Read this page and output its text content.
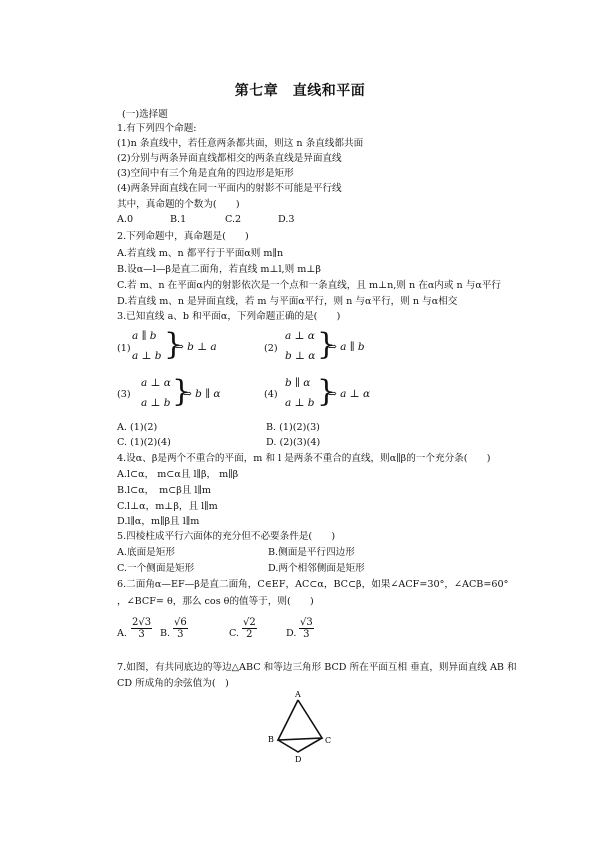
第七章　直线和平面
(一)选择题
1.有下列四个命题:
(1)n 条直线中，若任意两条都共面，则这 n 条直线都共面
(2)分别与两条异面直线都相交的两条直线是异面直线
(3)空间中有三个角是直角的四边形是矩形
(4)两条异面直线在同一平面内的射影不可能是平行线
其中，真命题的个数为(　　)
A.0	B.1	C.2	D.3
2.下列命题中，真命题是(　　)
A.若直线 m、n 都平行于平面α则 m∥n
B.设α—l—β是直二面角，若直线 m⊥l,则 m⊥β
C.若 m、n 在平面α内的射影依次是一个点和一条直线，且 m⊥n,则 n 在α内或 n 与α平行
D.若直线 m、n 是异面直线，若 m 与平面α平行，则 n 与α平行，则 n 与α相交
3.已知直线 a、b 和平面α，下列命题正确的是(　　)
(1)
a ∥ b
a ⊥ b }
⇒ b ⊥ a	(2)
a ⊥ α
b ⊥ α }
⇒ a ∥ b
(3)
a ⊥ α
a ⊥ b }
⇒ b ∥ α	(4)
b ∥ α
a ⊥ b }
⇒ a ⊥ α
A. (1)(2)	B. (1)(2)(3)
C. (1)(2)(4)	D. (2)(3)(4)
4.设α、β是两个不重合的平面，m 和 l 是两条不重合的直线，则α∥β的一个充分条(　　)
A.l⊂α， m⊂α且 l∥β， m∥β
B.l⊂α，　m⊂β且 l∥m
C.l⊥α，m⊥β，且 l∥m
D.l∥α，m∥β且 l∥m
5.四棱柱成平行六面体的充分但不必要条件是(　　)
A.底面是矩形	B.侧面是平行四边形
C.一个侧面是矩形	D.两个相邻侧面是矩形
6.二面角α—EF—β是直二面角，C∈EF，AC⊂α，BC⊂β，如果∠ACF=30°，∠ACB=60°
，∠BCF= θ，那么 cos θ的值等于，则(　　)
A. $\frac{2√3}{3} B$. $\frac{√6}{3}$	C. $\frac{√2}{2}$	D. $\frac{√3}{3}$
7.如图，有共同底边的等边△ABC 和等边三角形 BCD 所在平面互相 垂直，则异面直线 AB 和
CD 所成角的余弦值为(　)
A
B	C
D
